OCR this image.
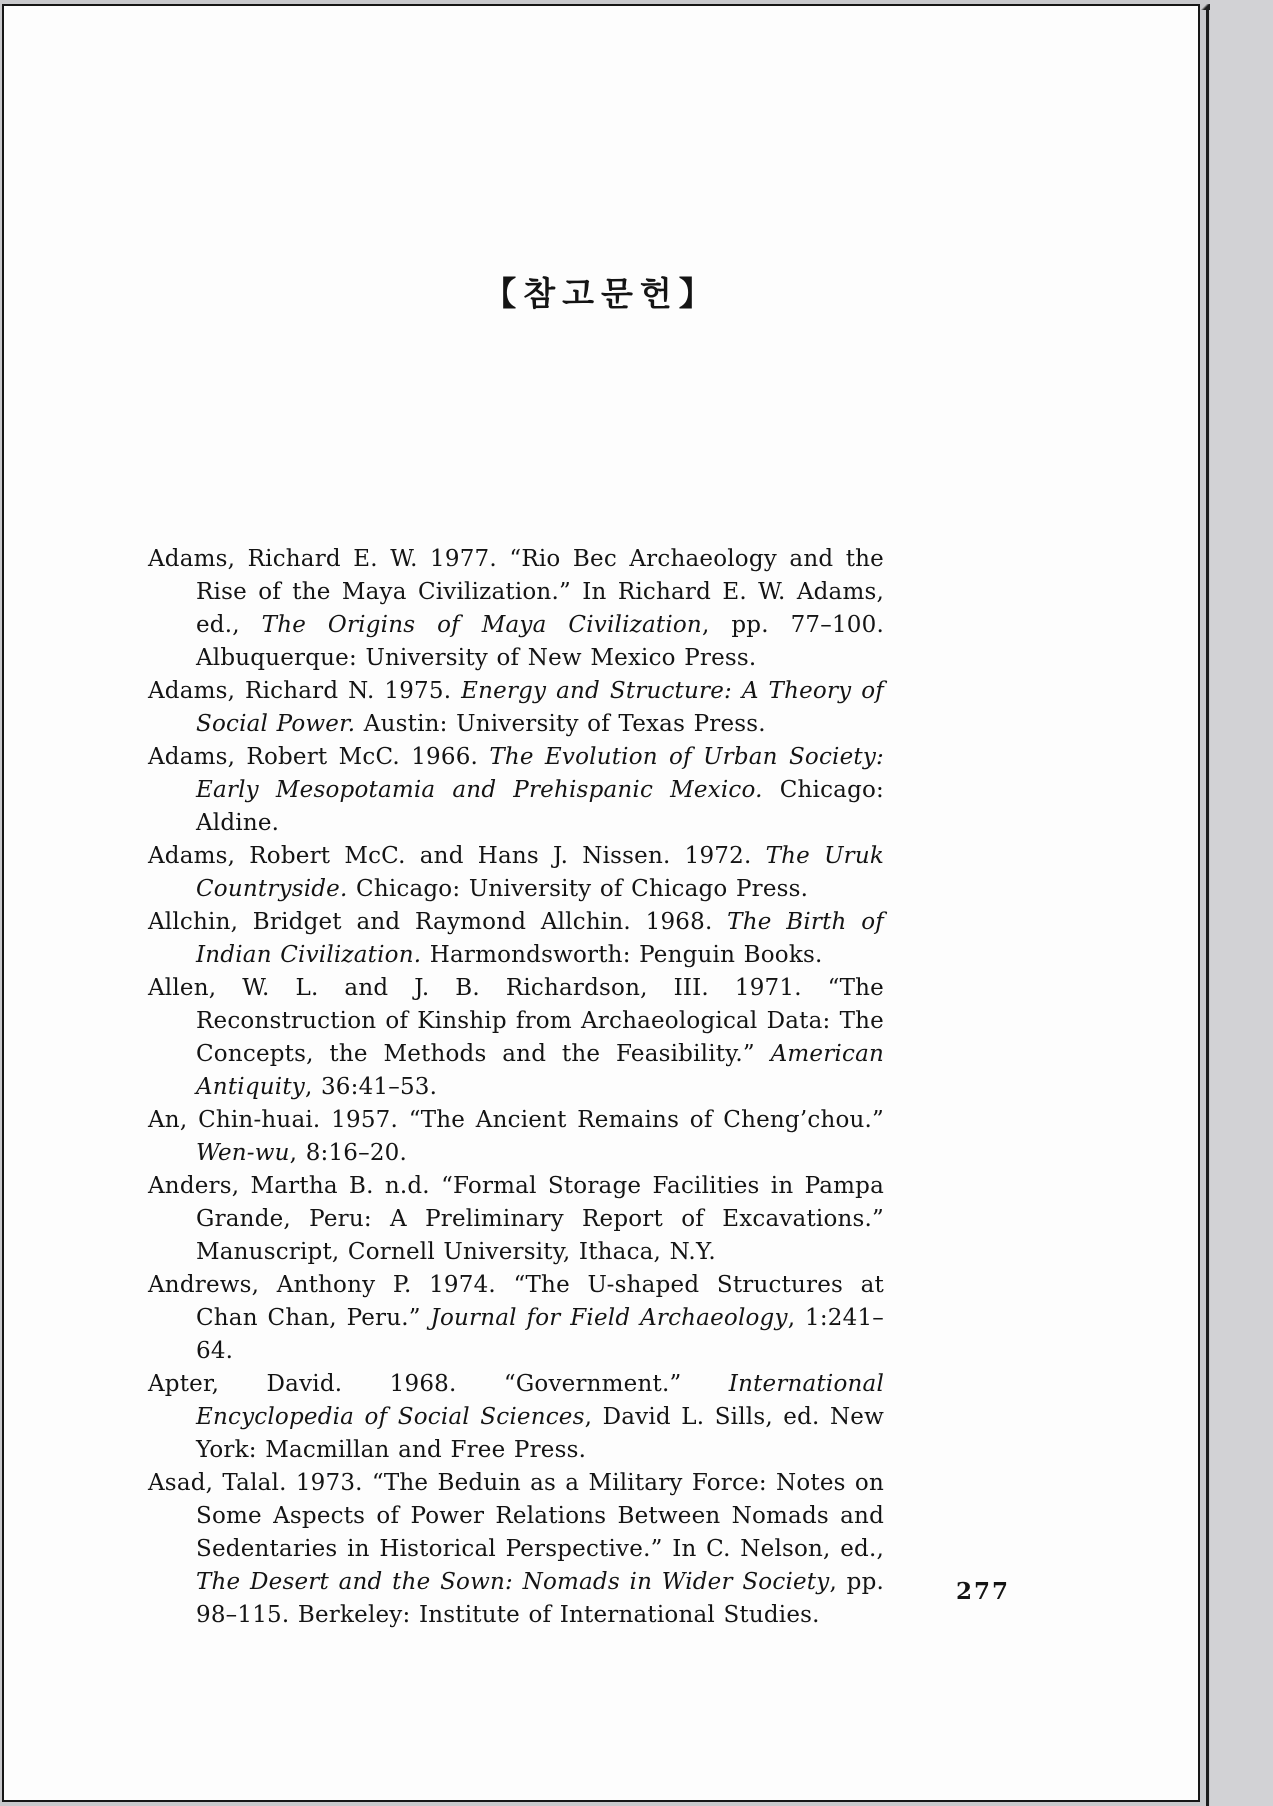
【참고문헌】
Adams, Richard E. W. 1977. “Rio Bec Archaeology and the Rise of the Maya Civilization.” In Richard E. W. Adams, ed., The Origins of Maya Civilization, pp. 77–100. Albuquerque: University of New Mexico Press.
Adams, Richard N. 1975. Energy and Structure: A Theory of Social Power. Austin: University of Texas Press.
Adams, Robert McC. 1966. The Evolution of Urban Society: Early Mesopotamia and Prehispanic Mexico. Chicago: Aldine.
Adams, Robert McC. and Hans J. Nissen. 1972. The Uruk Countryside. Chicago: University of Chicago Press.
Allchin, Bridget and Raymond Allchin. 1968. The Birth of Indian Civilization. Harmondsworth: Penguin Books.
Allen, W. L. and J. B. Richardson, III. 1971. “The Reconstruction of Kinship from Archaeological Data: The Concepts, the Methods and the Feasibility.” American Antiquity, 36:41–53.
An, Chin-huai. 1957. “The Ancient Remains of Cheng’chou.” Wen-wu, 8:16–20.
Anders, Martha B. n.d. “Formal Storage Facilities in Pampa Grande, Peru: A Preliminary Report of Excavations.” Manuscript, Cornell University, Ithaca, N.Y.
Andrews, Anthony P. 1974. “The U-shaped Structures at Chan Chan, Peru.” Journal for Field Archaeology, 1:241–64.
Apter, David. 1968. “Government.” International Encyclopedia of Social Sciences, David L. Sills, ed. New York: Macmillan and Free Press.
Asad, Talal. 1973. “The Beduin as a Military Force: Notes on Some Aspects of Power Relations Between Nomads and Sedentaries in Historical Perspective.” In C. Nelson, ed., The Desert and the Sown: Nomads in Wider Society, pp. 98–115. Berkeley: Institute of International Studies.
277
